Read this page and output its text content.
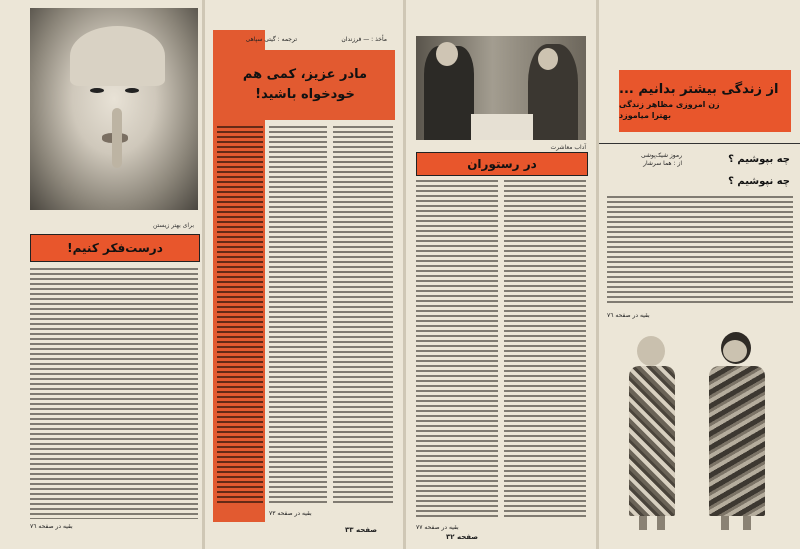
برای بهتر زیستن
درست‌فکر کنیم!
بقیه در صفحه ٧٦
ترجمه : گیتی سپاهی	مأخذ : — فرزندان
مادر عزیز، کمی هم
خودخواه باشید!
بقیه در صفحه ٧٣
صفحه ٣٣
آداب معاشرت
در رستوران
بقیه در صفحه ٧٧
صفحه ٣٢
از زندگی بیشتر بدانیم ...
زن امروزی مظاهر زندگی
بهترا میاموزد
رموز شیک‌پوشی
از : هما سرشار	چه بپوشیم ؟
چه نپوشیم ؟
بقیه در صفحه ٧٦
